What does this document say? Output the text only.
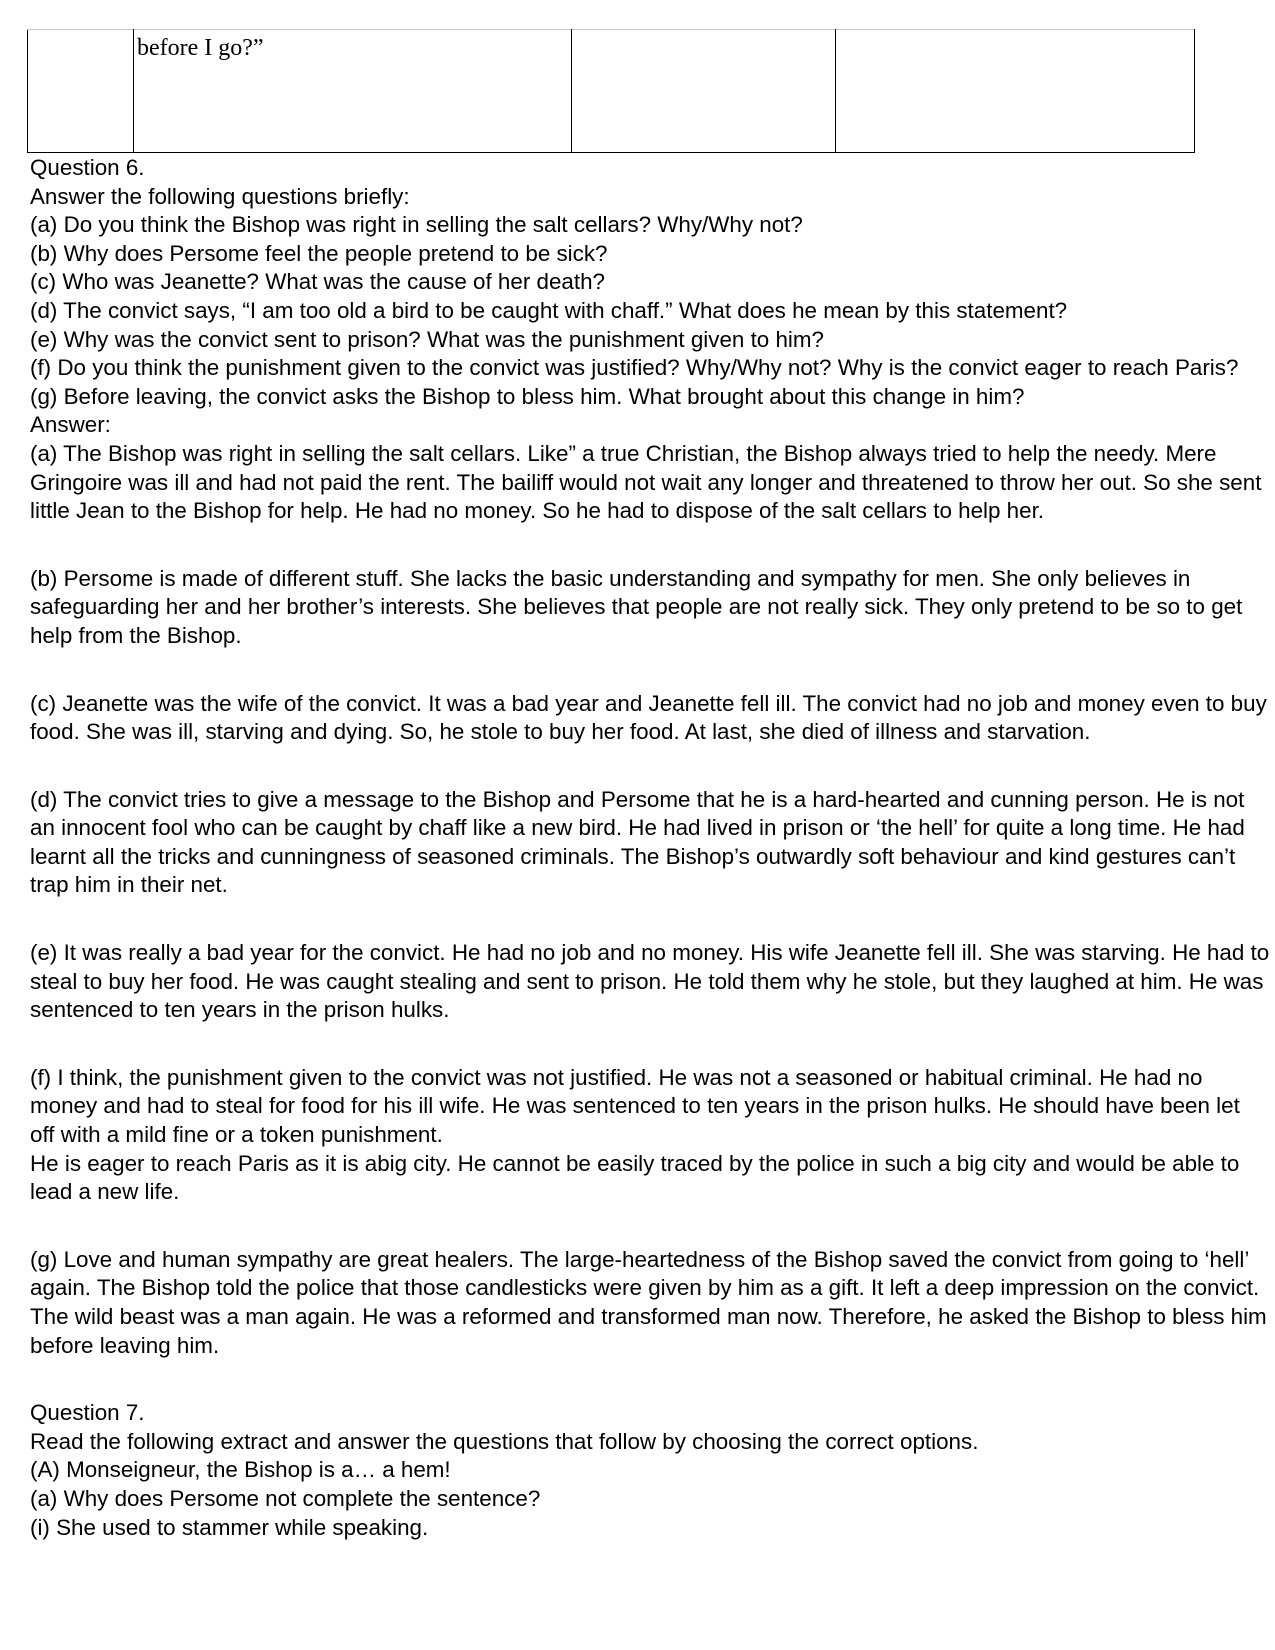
before I go?”

Question 6.

Answer the following questions briefly:

(a) Do you think the Bishop was right in selling the salt cellars? Why/Why not?

(b) Why does Persome feel the people pretend to be sick?

(c) Who was Jeanette? What was the cause of her death?

(d) The convict says, “I am too old a bird to be caught with chaff.” What does he mean by this statement?

(e) Why was the convict sent to prison? What was the punishment given to him?

(f) Do you think the punishment given to the convict was justified? Why/Why not? Why is the convict eager to reach Paris?

(g) Before leaving, the convict asks the Bishop to bless him. What brought about this change in him?

Answer:

(a) The Bishop was right in selling the salt cellars. Like” a true Christian, the Bishop always tried to help the needy. Mere Gringoire was ill and had not paid the rent. The bailiff would not wait any longer and threatened to throw her out. So she sent little Jean to the Bishop for help. He had no money. So he had to dispose of the salt cellars to help her.

(b) Persome is made of different stuff. She lacks the basic understanding and sympathy for men. She only believes in safeguarding her and her brother’s interests. She believes that people are not really sick. They only pretend to be so to get help from the Bishop.

(c) Jeanette was the wife of the convict. It was a bad year and Jeanette fell ill. The convict had no job and money even to buy food. She was ill, starving and dying. So, he stole to buy her food. At last, she died of illness and starvation.

(d) The convict tries to give a message to the Bishop and Persome that he is a hard-hearted and cunning person. He is not an innocent fool who can be caught by chaff like a new bird. He had lived in prison or ‘the hell’ for quite a long time. He had learnt all the tricks and cunningness of seasoned criminals. The Bishop’s outwardly soft behaviour and kind gestures can’t trap him in their net.

(e) It was really a bad year for the convict. He had no job and no money. His wife Jeanette fell ill. She was starving. He had to steal to buy her food. He was caught stealing and sent to prison. He told them why he stole, but they laughed at him. He was sentenced to ten years in the prison hulks.

(f) I think, the punishment given to the convict was not justified. He was not a seasoned or habitual criminal. He had no money and had to steal for food for his ill wife. He was sentenced to ten years in the prison hulks. He should have been let off with a mild fine or a token punishment.

He is eager to reach Paris as it is abig city. He cannot be easily traced by the police in such a big city and would be able to lead a new life.

(g) Love and human sympathy are great healers. The large-heartedness of the Bishop saved the convict from going to ‘hell’ again. The Bishop told the police that those candlesticks were given by him as a gift. It left a deep impression on the convict. The wild beast was a man again. He was a reformed and transformed man now. Therefore, he asked the Bishop to bless him before leaving him.

Question 7.

Read the following extract and answer the questions that follow by choosing the correct options.

(A) Monseigneur, the Bishop is a… a hem!

(a) Why does Persome not complete the sentence?

(i) She used to stammer while speaking.
